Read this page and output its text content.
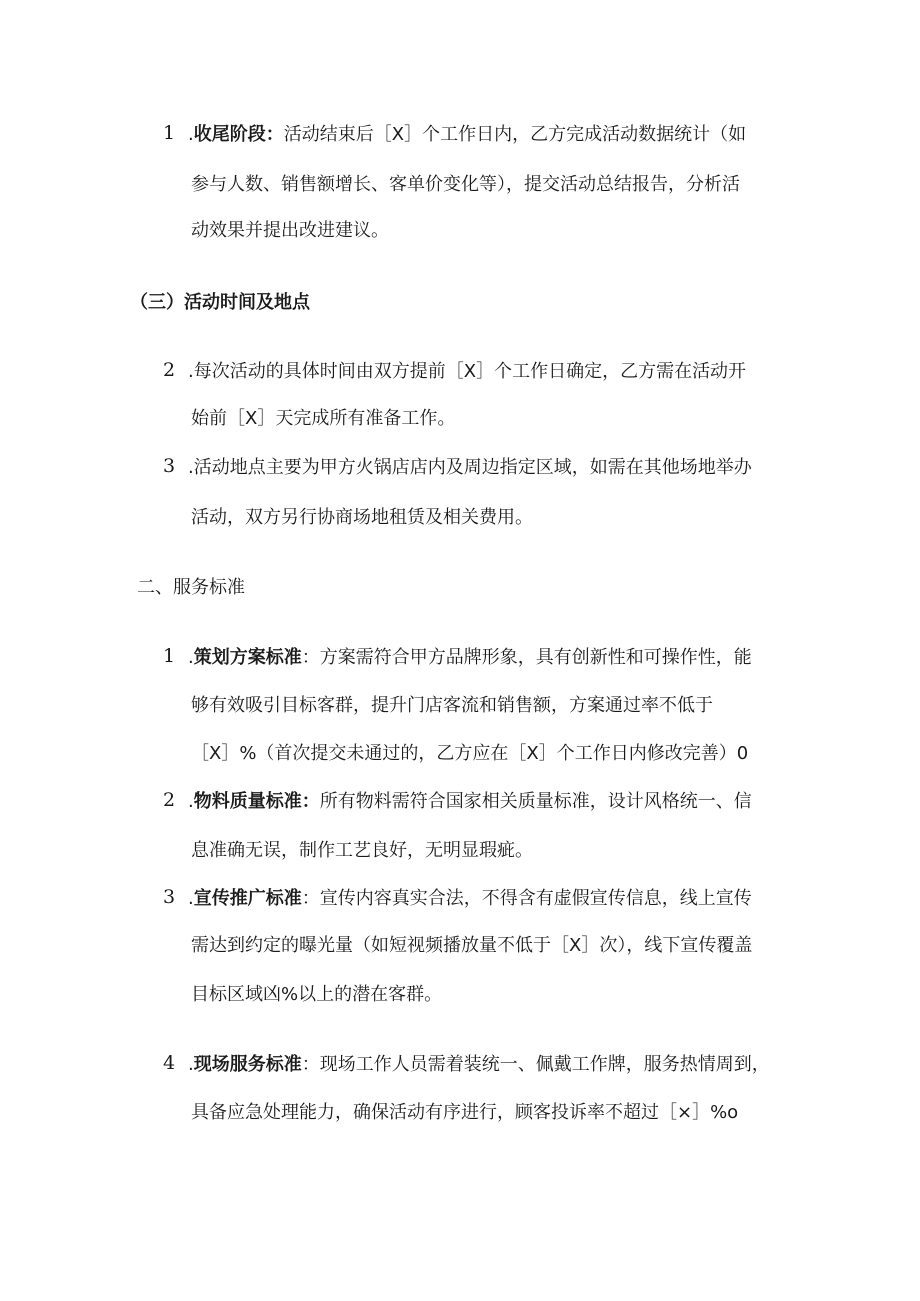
1 .收尾阶段：活动结束后［X］个工作日内，乙方完成活动数据统计（如
参与人数、销售额增长、客单价变化等），提交活动总结报告，分析活
动效果并提出改进建议。
（三）活动时间及地点
2 .每次活动的具体时间由双方提前［X］个工作日确定，乙方需在活动开
始前［X］天完成所有准备工作。
3 .活动地点主要为甲方火锅店店内及周边指定区域，如需在其他场地举办
活动，双方另行协商场地租赁及相关费用。
二、服务标准
1 .策划方案标准：方案需符合甲方品牌形象，具有创新性和可操作性，能
够有效吸引目标客群，提升门店客流和销售额，方案通过率不低于
［X］%（首次提交未通过的，乙方应在［X］个工作日内修改完善）0
2 .物料质量标准：所有物料需符合国家相关质量标准，设计风格统一、信
息准确无误，制作工艺良好，无明显瑕疵。
3 .宣传推广标准：宣传内容真实合法，不得含有虚假宣传信息，线上宣传
需达到约定的曝光量（如短视频播放量不低于［X］次），线下宣传覆盖
目标区域凶%以上的潜在客群。
4 .现场服务标准：现场工作人员需着装统一、佩戴工作牌，服务热情周到，
具备应急处理能力，确保活动有序进行，顾客投诉率不超过［×］%o
